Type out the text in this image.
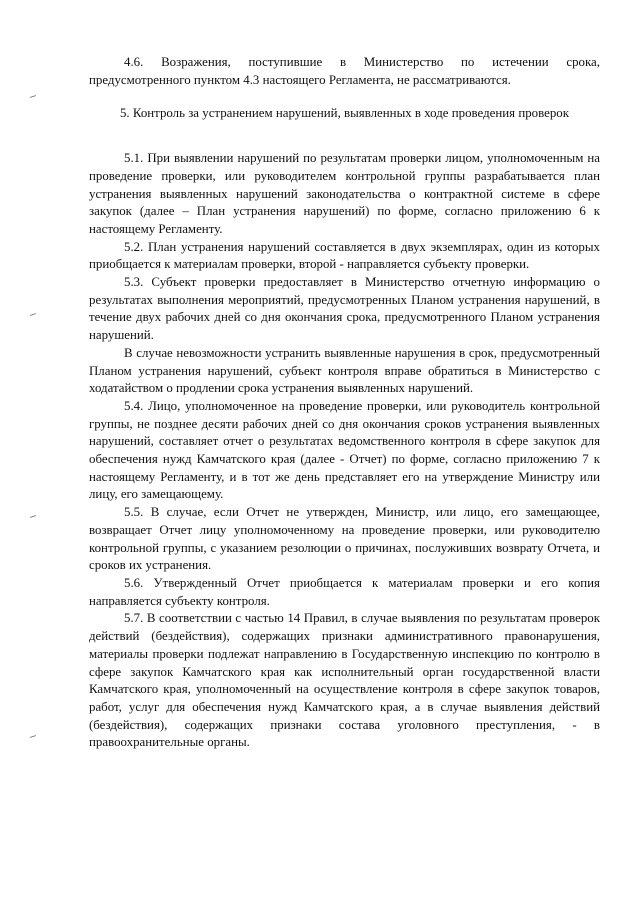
4.6. Возражения, поступившие в Министерство по истечении срока, предусмотренного пунктом 4.3 настоящего Регламента, не рассматриваются.

5. Контроль за устранением нарушений, выявленных в ходе проведения проверок

5.1. При выявлении нарушений по результатам проверки лицом, уполномоченным на проведение проверки, или руководителем контрольной группы разрабатывается план устранения выявленных нарушений законодательства о контрактной системе в сфере закупок (далее – План устранения нарушений) по форме, согласно приложению 6 к настоящему Регламенту.

5.2. План устранения нарушений составляется в двух экземплярах, один из которых приобщается к материалам проверки, второй - направляется субъекту проверки.

5.3. Субъект проверки предоставляет в Министерство отчетную информацию о результатах выполнения мероприятий, предусмотренных Планом устранения нарушений, в течение двух рабочих дней со дня окончания срока, предусмотренного Планом устранения нарушений.

В случае невозможности устранить выявленные нарушения в срок, предусмотренный Планом устранения нарушений, субъект контроля вправе обратиться в Министерство с ходатайством о продлении срока устранения выявленных нарушений.

5.4. Лицо, уполномоченное на проведение проверки, или руководитель контрольной группы, не позднее десяти рабочих дней со дня окончания сроков устранения выявленных нарушений, составляет отчет о результатах ведомственного контроля в сфере закупок для обеспечения нужд Камчатского края (далее - Отчет) по форме, согласно приложению 7 к настоящему Регламенту, и в тот же день представляет его на утверждение Министру или лицу, его замещающему.

5.5. В случае, если Отчет не утвержден, Министр, или лицо, его замещающее, возвращает Отчет лицу уполномоченному на проведение проверки, или руководителю контрольной группы, с указанием резолюции о причинах, послуживших возврату Отчета, и сроков их устранения.

5.6. Утвержденный Отчет приобщается к материалам проверки и его копия направляется субъекту контроля.

5.7. В соответствии с частью 14 Правил, в случае выявления по результатам проверок действий (бездействия), содержащих признаки административного правонарушения, материалы проверки подлежат направлению в Государственную инспекцию по контролю в сфере закупок Камчатского края как исполнительный орган государственной власти Камчатского края, уполномоченный на осуществление контроля в сфере закупок товаров, работ, услуг для обеспечения нужд Камчатского края, а в случае выявления действий (бездействия), содержащих признаки состава уголовного преступления, - в правоохранительные органы.
